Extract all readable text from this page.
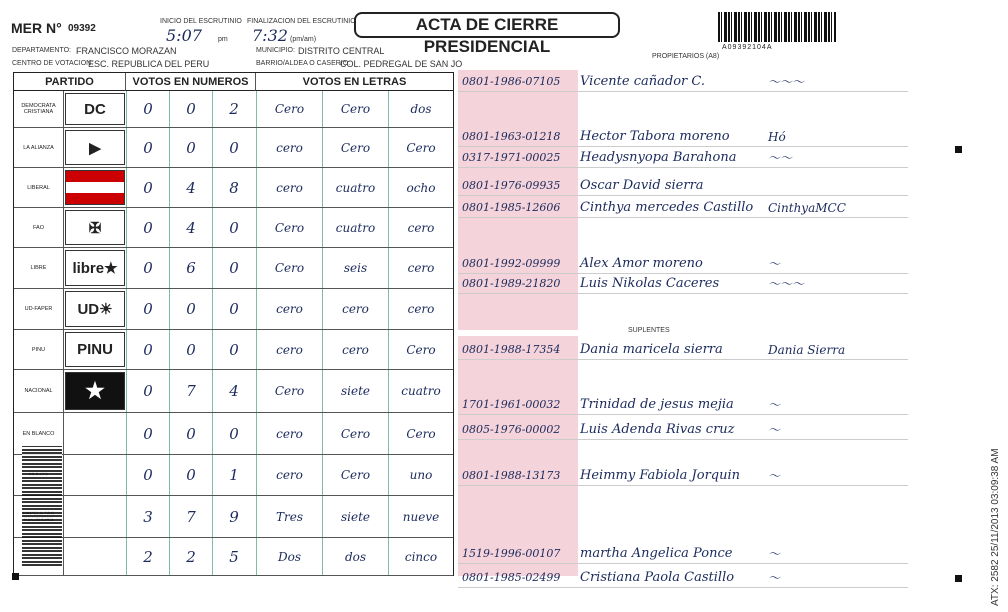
MER N° 09392
INICIO DEL ESCRUTINIO
5:07 pm
FINALIZACION DEL ESCRUTINIO
7:32 (pm/am)
ACTA DE CIERRE PRESIDENCIAL	A09392104A
DEPARTAMENTO: FRANCISCO MORAZAN	MUNICIPIO: DISTRITO CENTRAL
CENTRO DE VOTACION:
ESC. REPUBLICA DEL PERU	BARRIO/ALDEA O CASERIO:
COL. PEDREGAL DE SAN JO
PROPIETARIOS (A8)
SUPLENTES
PARTIDO	VOTOS EN NUMEROS	VOTOS EN LETRAS
DEMOCRATA CRISTIANA	DC	0	0	2	Cero	Cero	dos
LA ALIANZA	▶	0	0	0	cero	Cero	Cero
LIBERAL	0	4	8	cero	cuatro	ocho
FAO	✠	0	4	0	Cero	cuatro	cero
LIBRE	libre★	0	6	0	Cero	seis	cero
UD-FAPER	UD☀	0	0	0	cero	cero	cero
PINU	PINU	0	0	0	cero	cero	Cero
NACIONAL	★	0	7	4	Cero	siete	cuatro
EN BLANCO	0	0	0	cero	Cero	Cero
0	0	1	cero	Cero	uno
3	7	9	Tres	siete	nueve
2	2	5	Dos	dos	cinco
0801-1986-07105	Vicente cañador C.	～～～
0801-1963-01218	Hector Tabora moreno	Hó
0317-1971-00025	Headysnyopa Barahona	～～
0801-1976-09935	Oscar David sierra
0801-1985-12606	Cinthya mercedes Castillo	CinthyaMCC
0801-1992-09999	Alex Amor moreno	～
0801-1989-21820	Luis Nikolas Caceres	～～～
0801-1988-17354	Dania maricela sierra	Dania Sierra
1701-1961-00032	Trinidad de jesus mejia	～
0805-1976-00002	Luis Adenda Rivas cruz	～
0801-1988-13173	Heimmy Fabiola Jorquin	～
1519-1996-00107	martha Angelica Ponce	～
0801-1985-02499	Cristiana Paola Castillo	～	ATX: 2582 25/11/2013 03:09:38 AM
